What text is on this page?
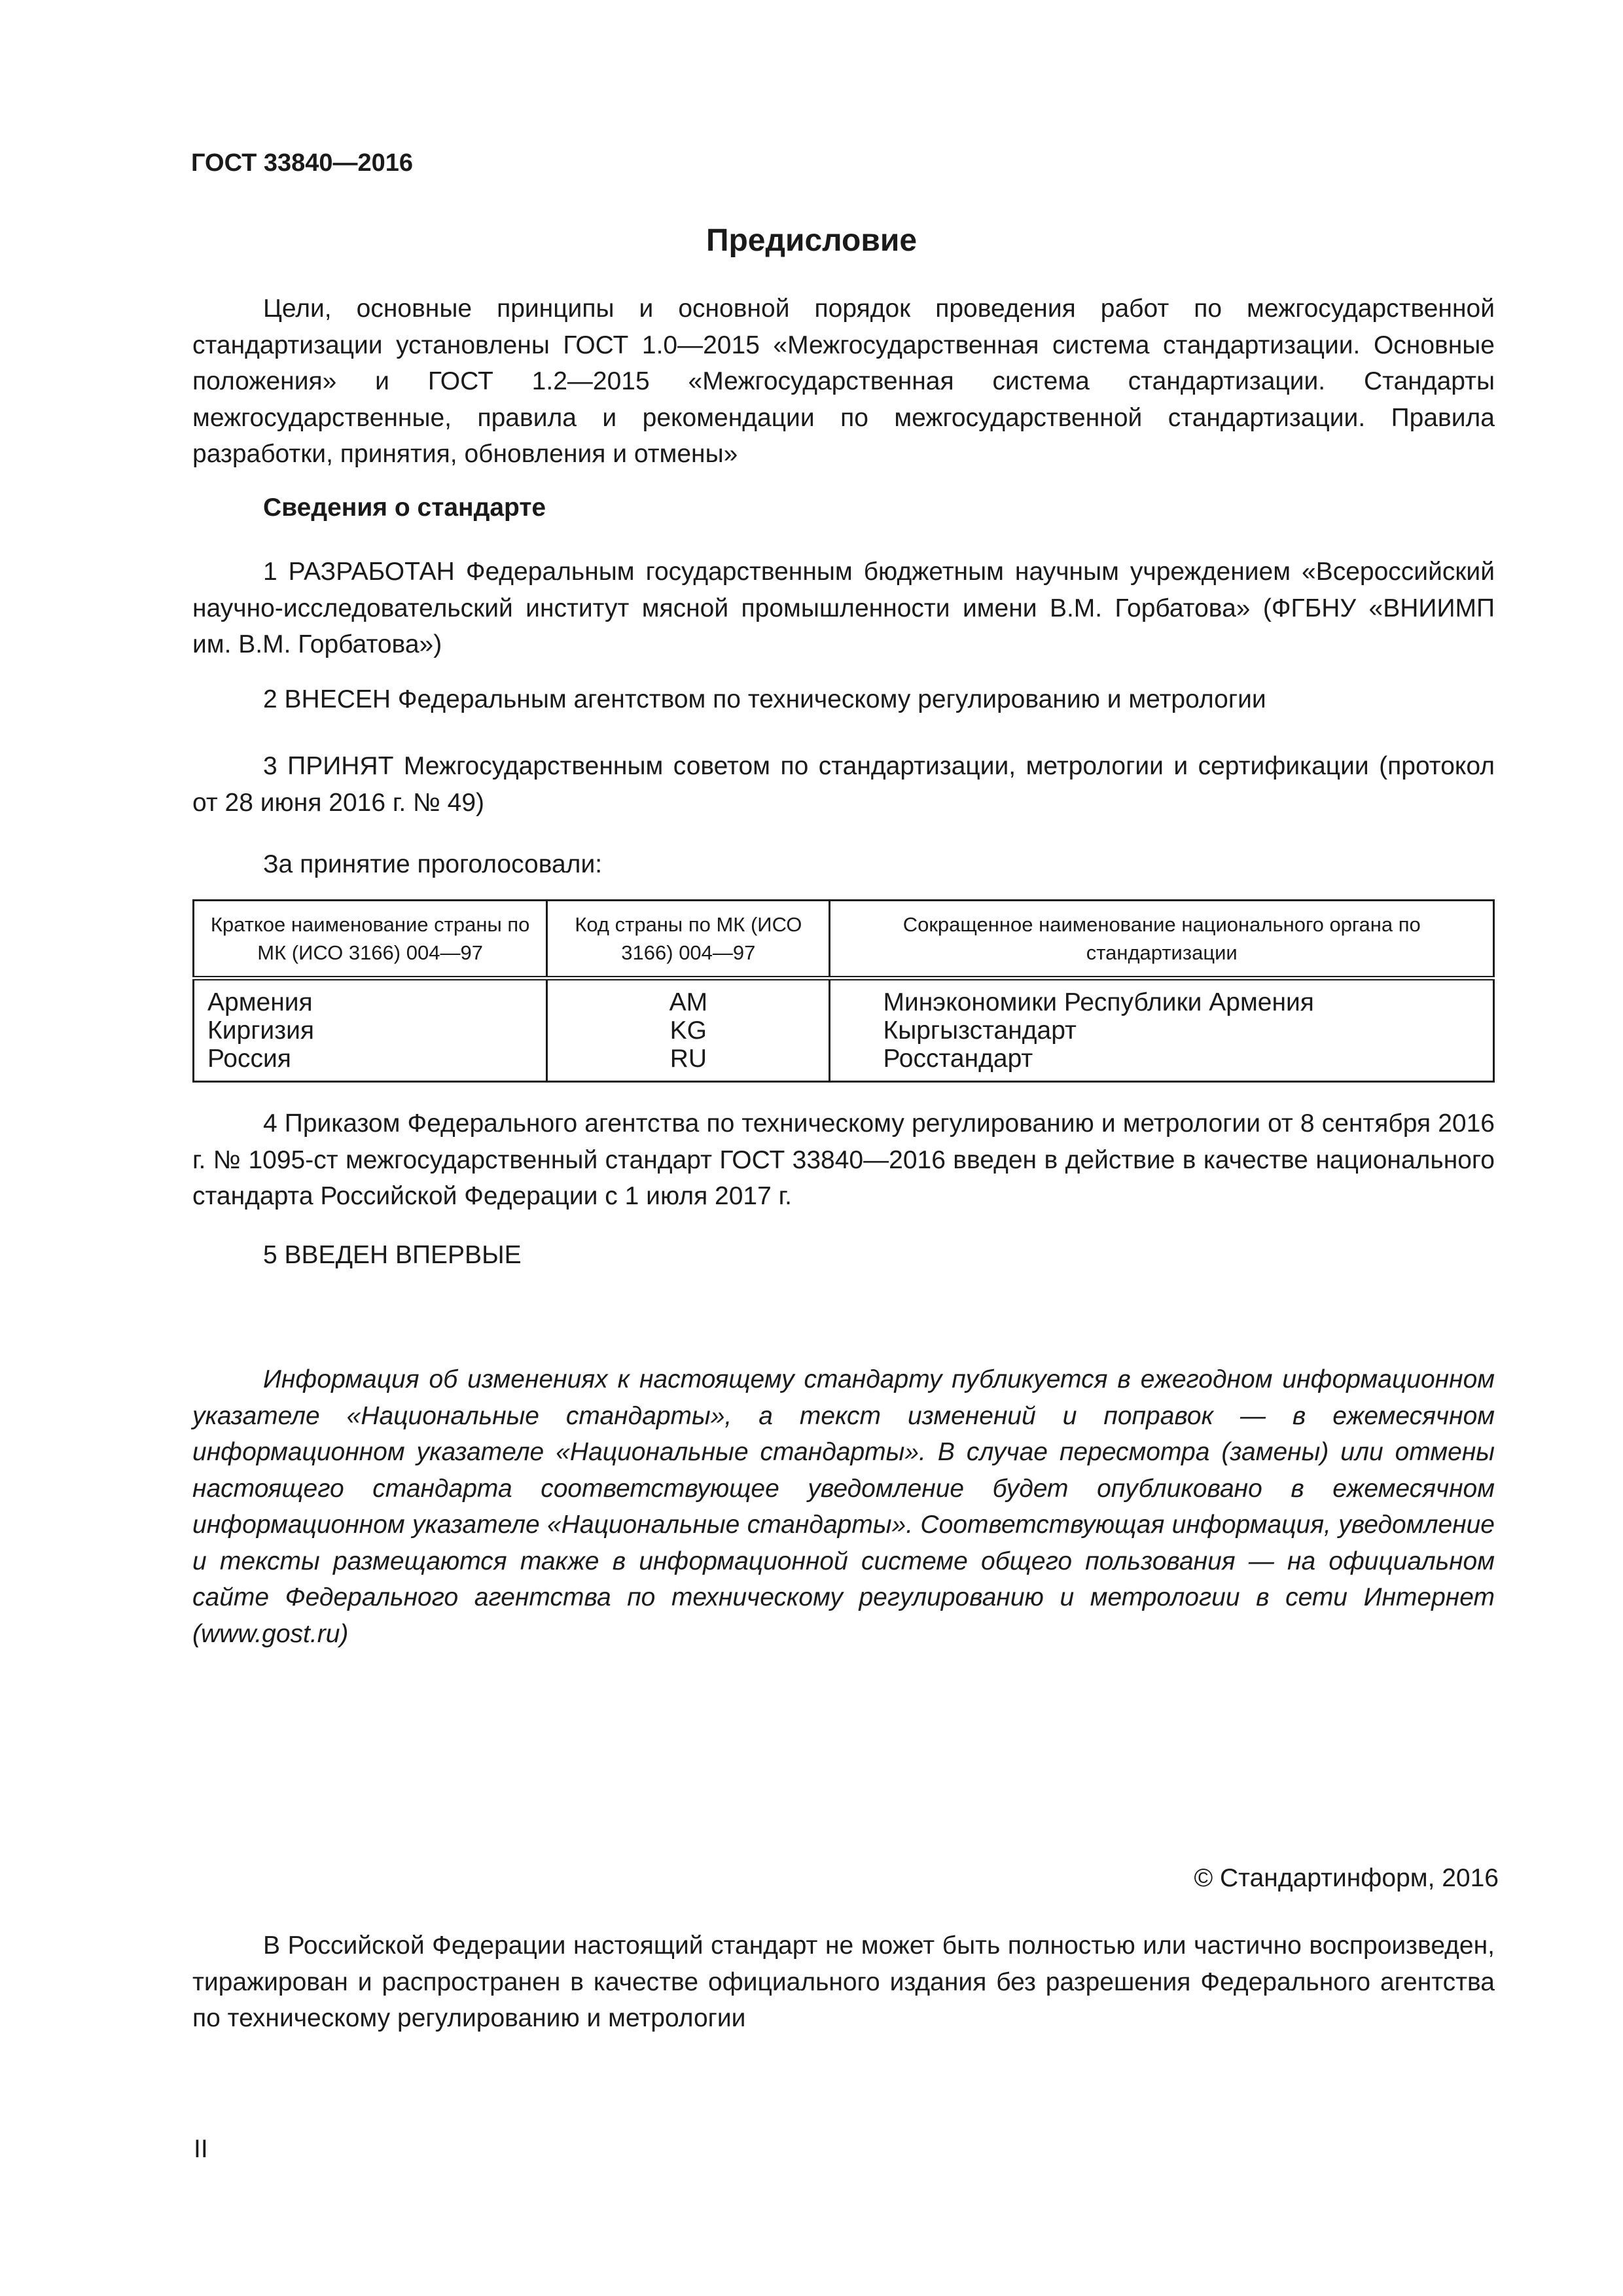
ГОСТ 33840—2016
Предисловие

Цели, основные принципы и основной порядок проведения работ по межгосударственной стандартизации установлены ГОСТ 1.0—2015 «Межгосударственная система стандартизации. Основные положения» и ГОСТ 1.2—2015 «Межгосударственная система стандартизации. Стандарты межгосударственные, правила и рекомендации по межгосударственной стандартизации. Правила разработки, принятия, обновления и отмены»

Сведения о стандарте

1 РАЗРАБОТАН Федеральным государственным бюджетным научным учреждением «Всероссийский научно-исследовательский институт мясной промышленности имени В.М. Горбатова» (ФГБНУ «ВНИИМП им. В.М. Горбатова»)

2 ВНЕСЕН Федеральным агентством по техническому регулированию и метрологии

3 ПРИНЯТ Межгосударственным советом по стандартизации, метрологии и сертификации (протокол от 28 июня 2016 г. № 49)

За принятие проголосовали:

Краткое наименование страны по МК (ИСО 3166) 004—97	Код страны по МК (ИСО 3166) 004—97	Сокращенное наименование национального органа по стандартизации
Армения	AM	Минэкономики Республики Армения
Киргизия	KG	Кыргызстандарт
Россия	RU	Росстандарт

4 Приказом Федерального агентства по техническому регулированию и метрологии от 8 сентября 2016 г. № 1095-ст межгосударственный стандарт ГОСТ 33840—2016 введен в действие в качестве национального стандарта Российской Федерации с 1 июля 2017 г.

5 ВВЕДЕН ВПЕРВЫЕ

Информация об изменениях к настоящему стандарту публикуется в ежегодном информационном указателе «Национальные стандарты», а текст изменений и поправок — в ежемесячном информационном указателе «Национальные стандарты». В случае пересмотра (замены) или отмены настоящего стандарта соответствующее уведомление будет опубликовано в ежемесячном информационном указателе «Национальные стандарты». Соответствующая информация, уведомление и тексты размещаются также в информационной системе общего пользования — на официальном сайте Федерального агентства по техническому регулированию и метрологии в сети Интернет (www.gost.ru)

© Стандартинформ, 2016

В Российской Федерации настоящий стандарт не может быть полностью или частично воспроизведен, тиражирован и распространен в качестве официального издания без разрешения Федерального агентства по техническому регулированию и метрологии

II
